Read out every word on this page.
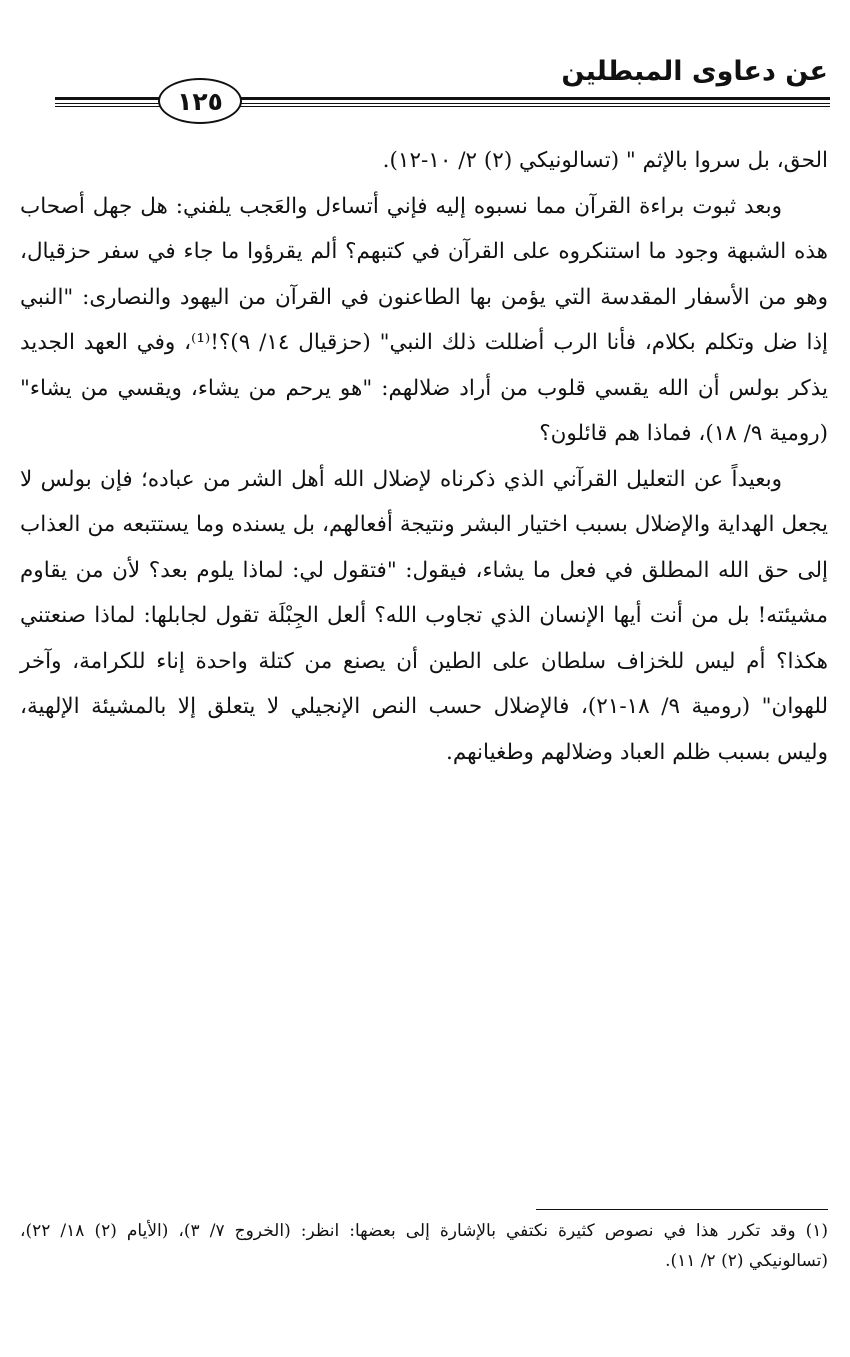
عن دعاوى المبطلين
١٢٥

الحق، بل سروا بالإثم " (تسالونيكي (٢) ٢/ ١٠-١٢).

وبعد ثبوت براءة القرآن مما نسبوه إليه فإني أتساءل والعَجب يلفني: هل جهل أصحاب هذه الشبهة وجود ما استنكروه على القرآن في كتبهم؟ ألم يقرؤوا ما جاء في سفر حزقيال، وهو من الأسفار المقدسة التي يؤمن بها الطاعنون في القرآن من اليهود والنصارى: "النبي إذا ضل وتكلم بكلام، فأنا الرب أضللت ذلك النبي" (حزقيال ١٤/ ٩)؟!⁽¹⁾، وفي العهد الجديد يذكر بولس أن الله يقسي قلوب من أراد ضلالهم: "هو يرحم من يشاء، ويقسي من يشاء" (رومية ٩/ ١٨)، فماذا هم قائلون؟

وبعيداً عن التعليل القرآني الذي ذكرناه لإضلال الله أهل الشر من عباده؛ فإن بولس لا يجعل الهداية والإضلال بسبب اختيار البشر ونتيجة أفعالهم، بل يسنده وما يستتبعه من العذاب إلى حق الله المطلق في فعل ما يشاء، فيقول: "فتقول لي: لماذا يلوم بعد؟ لأن من يقاوم مشيئته! بل من أنت أيها الإنسان الذي تجاوب الله؟ ألعل الجِبْلَة تقول لجابلها: لماذا صنعتني هكذا؟ أم ليس للخزاف سلطان على الطين أن يصنع من كتلة واحدة إناء للكرامة، وآخر للهوان" (رومية ٩/ ١٨-٢١)، فالإضلال حسب النص الإنجيلي لا يتعلق إلا بالمشيئة الإلهية، وليس بسبب ظلم العباد وضلالهم وطغيانهم.

(١) وقد تكرر هذا في نصوص كثيرة نكتفي بالإشارة إلى بعضها: انظر: (الخروج ٧/ ٣)، (الأيام (٢) ١٨/ ٢٢)، (تسالونيكي (٢) ٢/ ١١).
